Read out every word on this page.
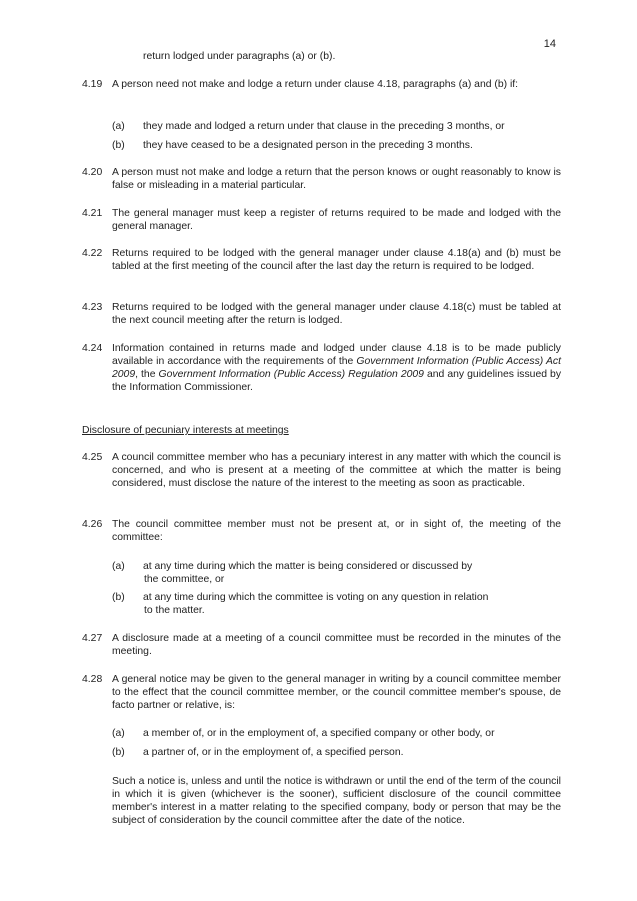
14
return lodged under paragraphs (a) or (b).
4.19 A person need not make and lodge a return under clause 4.18, paragraphs (a) and (b) if:
(a) they made and lodged a return under that clause in the preceding 3 months, or
(b) they have ceased to be a designated person in the preceding 3 months.
4.20 A person must not make and lodge a return that the person knows or ought reasonably to know is false or misleading in a material particular.
4.21 The general manager must keep a register of returns required to be made and lodged with the general manager.
4.22 Returns required to be lodged with the general manager under clause 4.18(a) and (b) must be tabled at the first meeting of the council after the last day the return is required to be lodged.
4.23 Returns required to be lodged with the general manager under clause 4.18(c) must be tabled at the next council meeting after the return is lodged.
4.24 Information contained in returns made and lodged under clause 4.18 is to be made publicly available in accordance with the requirements of the Government Information (Public Access) Act 2009, the Government Information (Public Access) Regulation 2009 and any guidelines issued by the Information Commissioner.
Disclosure of pecuniary interests at meetings
4.25 A council committee member who has a pecuniary interest in any matter with which the council is concerned, and who is present at a meeting of the committee at which the matter is being considered, must disclose the nature of the interest to the meeting as soon as practicable.
4.26 The council committee member must not be present at, or in sight of, the meeting of the committee:
(a) at any time during which the matter is being considered or discussed by
the committee, or
(b) at any time during which the committee is voting on any question in relation
to the matter.
4.27 A disclosure made at a meeting of a council committee must be recorded in the minutes of the meeting.
4.28 A general notice may be given to the general manager in writing by a council committee member to the effect that the council committee member, or the council committee member's spouse, de facto partner or relative, is:
(a) a member of, or in the employment of, a specified company or other body, or
(b) a partner of, or in the employment of, a specified person.
Such a notice is, unless and until the notice is withdrawn or until the end of the term of the council in which it is given (whichever is the sooner), sufficient disclosure of the council committee member's interest in a matter relating to the specified company, body or person that may be the subject of consideration by the council committee after the date of the notice.
